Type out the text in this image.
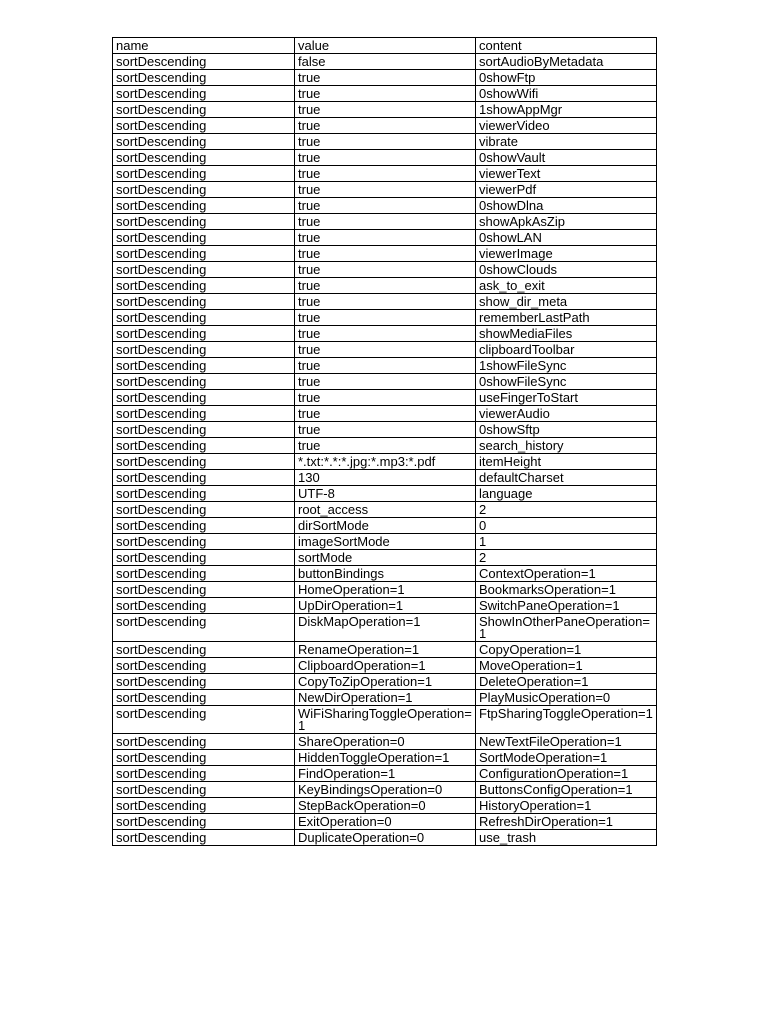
name	value	content
sortDescending	false	sortAudioByMetadata
sortDescending	true	0showFtp
sortDescending	true	0showWifi
sortDescending	true	1showAppMgr
sortDescending	true	viewerVideo
sortDescending	true	vibrate
sortDescending	true	0showVault
sortDescending	true	viewerText
sortDescending	true	viewerPdf
sortDescending	true	0showDlna
sortDescending	true	showApkAsZip
sortDescending	true	0showLAN
sortDescending	true	viewerImage
sortDescending	true	0showClouds
sortDescending	true	ask_to_exit
sortDescending	true	show_dir_meta
sortDescending	true	rememberLastPath
sortDescending	true	showMediaFiles
sortDescending	true	clipboardToolbar
sortDescending	true	1showFileSync
sortDescending	true	0showFileSync
sortDescending	true	useFingerToStart
sortDescending	true	viewerAudio
sortDescending	true	0showSftp
sortDescending	true	search_history
sortDescending	*.txt:*.*:*.jpg:*.mp3:*.pdf	itemHeight
sortDescending	130	defaultCharset
sortDescending	UTF-8	language
sortDescending	root_access	2
sortDescending	dirSortMode	0
sortDescending	imageSortMode	1
sortDescending	sortMode	2
sortDescending	buttonBindings	ContextOperation=1
sortDescending	HomeOperation=1	BookmarksOperation=1
sortDescending	UpDirOperation=1	SwitchPaneOperation=1
sortDescending	DiskMapOperation=1	ShowInOtherPaneOperation=1
sortDescending	RenameOperation=1	CopyOperation=1
sortDescending	ClipboardOperation=1	MoveOperation=1
sortDescending	CopyToZipOperation=1	DeleteOperation=1
sortDescending	NewDirOperation=1	PlayMusicOperation=0
sortDescending	WiFiSharingToggleOperation=1	FtpSharingToggleOperation=1
sortDescending	ShareOperation=0	NewTextFileOperation=1
sortDescending	HiddenToggleOperation=1	SortModeOperation=1
sortDescending	FindOperation=1	ConfigurationOperation=1
sortDescending	KeyBindingsOperation=0	ButtonsConfigOperation=1
sortDescending	StepBackOperation=0	HistoryOperation=1
sortDescending	ExitOperation=0	RefreshDirOperation=1
sortDescending	DuplicateOperation=0	use_trash
